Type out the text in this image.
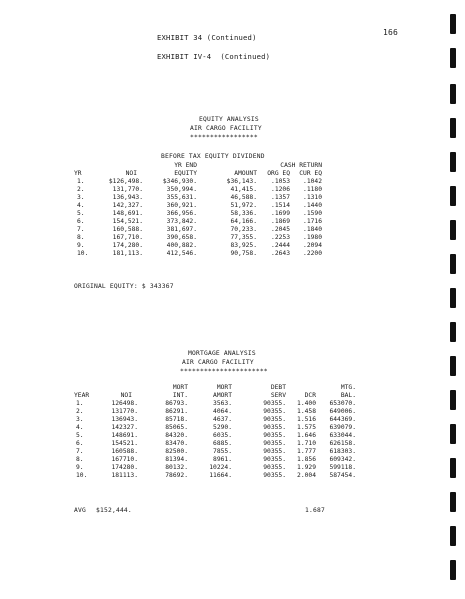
EXHIBIT 34 (Continued)
166
EXHIBIT IV-4  (Continued)
EQUITY ANALYSIS
AIR CARGO FACILITY
*****************
BEFORE TAX EQUITY DIVIDEND
		YR END		CASH RETURN	
YR	NOI	EQUITY	AMOUNT	ORG EQ	CUR EQ
1.	$126,498.	$346,930.	$36,143.	.1053	.1042
2.	131,770.	350,994.	41,415.	.1206	.1180
3.	136,943.	355,631.	46,588.	.1357	.1310
4.	142,327.	360,921.	51,972.	.1514	.1440
5.	148,691.	366,956.	58,336.	.1699	.1590
6.	154,521.	373,842.	64,166.	.1869	.1716
7.	160,588.	381,697.	70,233.	.2045	.1840
8.	167,710.	390,658.	77,355.	.2253	.1980
9.	174,280.	400,882.	83,925.	.2444	.2094
10.	181,113.	412,546.	90,758.	.2643	.2200
ORIGINAL EQUITY: $ 343367
MORTGAGE ANALYSIS
AIR CARGO FACILITY
**********************
		MORT	MORT	DEBT		MTG.
YEAR	NOI	INT.	AMORT	SERV	DCR	BAL.
1.	126498.	86793.	3563.	90355.	1.400	653070.
2.	131770.	86291.	4064.	90355.	1.458	649006.
3.	136943.	85718.	4637.	90355.	1.516	644369.
4.	142327.	85065.	5290.	90355.	1.575	639079.
5.	148691.	84320.	6035.	90355.	1.646	633044.
6.	154521.	83470.	6885.	90355.	1.710	626158.
7.	160588.	82500.	7855.	90355.	1.777	618303.
8.	167710.	81394.	8961.	90355.	1.856	609342.
9.	174280.	80132.	10224.	90355.	1.929	599118.
10.	181113.	78692.	11664.	90355.	2.004	587454.
AVG $152,444.	1.687
